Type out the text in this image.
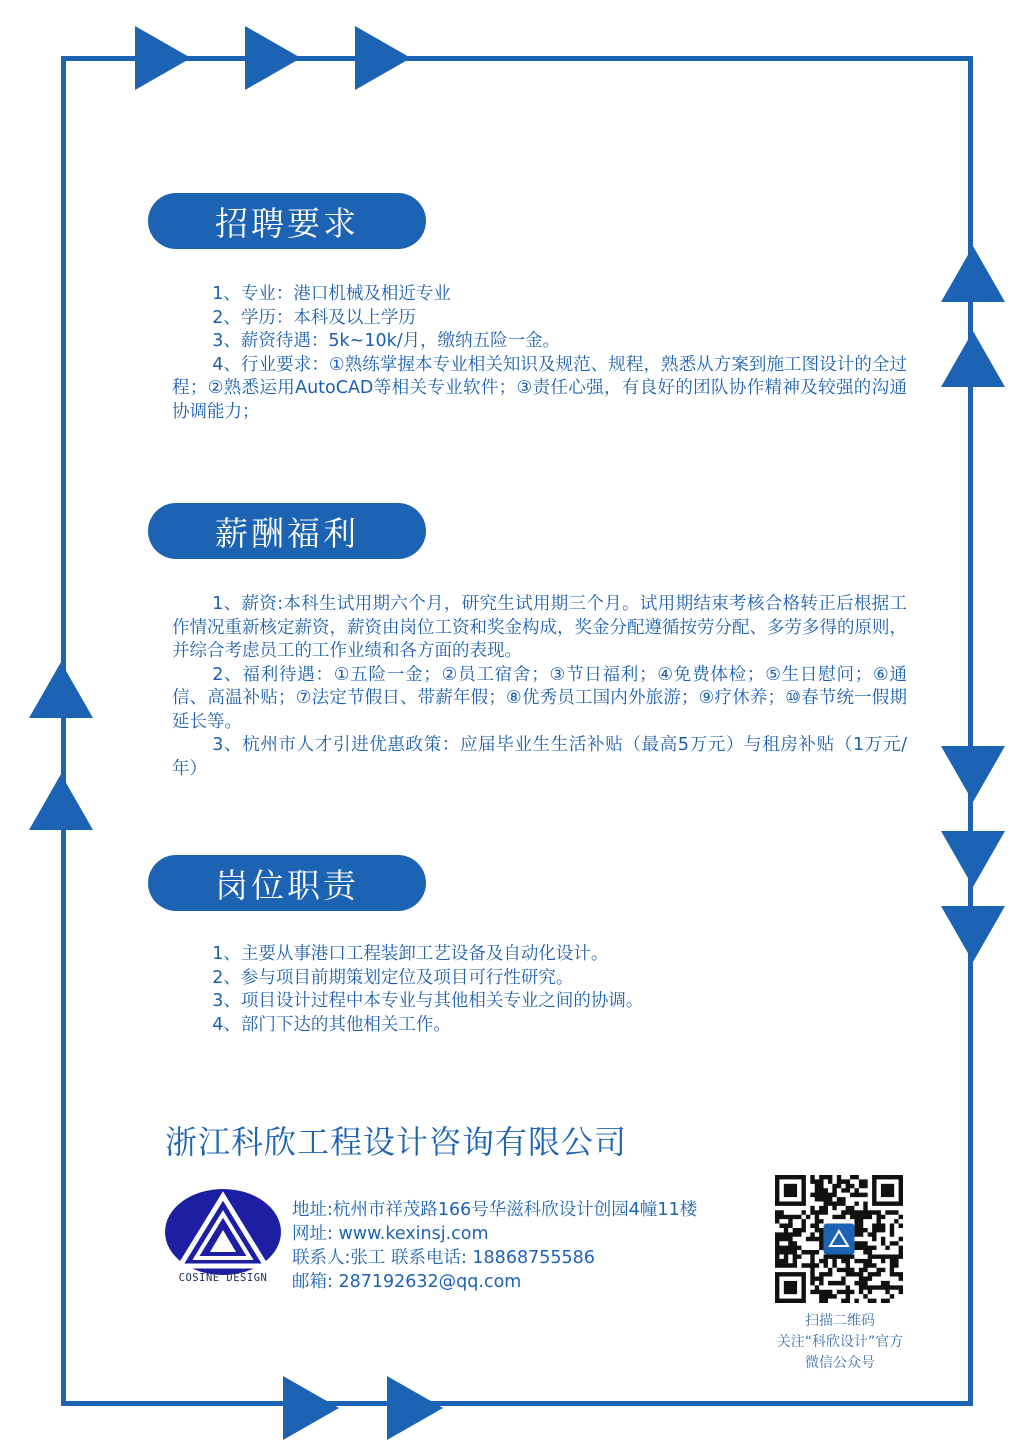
招聘要求

1、专业：港口机械及相近专业

2、学历：本科及以上学历

3、薪资待遇：5k~10k/月，缴纳五险一金。

4、行业要求：①熟练掌握本专业相关知识及规范、规程，熟悉从方案到施工图设计的全过程；②熟悉运用AutoCAD等相关专业软件；③责任心强，有良好的团队协作精神及较强的沟通协调能力；

薪酬福利

1、薪资:本科生试用期六个月，研究生试用期三个月。试用期结束考核合格转正后根据工作情况重新核定薪资，薪资由岗位工资和奖金构成，奖金分配遵循按劳分配、多劳多得的原则，并综合考虑员工的工作业绩和各方面的表现。

2、福利待遇：①五险一金；②员工宿舍；③节日福利；④免费体检；⑤生日慰问；⑥通信、高温补贴；⑦法定节假日、带薪年假；⑧优秀员工国内外旅游；⑨疗休养；⑩春节统一假期延长等。

3、杭州市人才引进优惠政策：应届毕业生生活补贴（最高5万元）与租房补贴（1万元/年）

岗位职责

1、主要从事港口工程装卸工艺设备及自动化设计。

2、参与项目前期策划定位及项目可行性研究。

3、项目设计过程中本专业与其他相关专业之间的协调。

4、部门下达的其他相关工作。

浙江科欣工程设计咨询有限公司
COSINE DESIGN
地址:杭州市祥茂路166号华滋科欣设计创园4幢11楼
网址: www.kexinsj.com
联系人:张工 联系电话: 18868755586
邮箱: 287192632@qq.com
扫描二维码
关注“科欣设计”官方
微信公众号
